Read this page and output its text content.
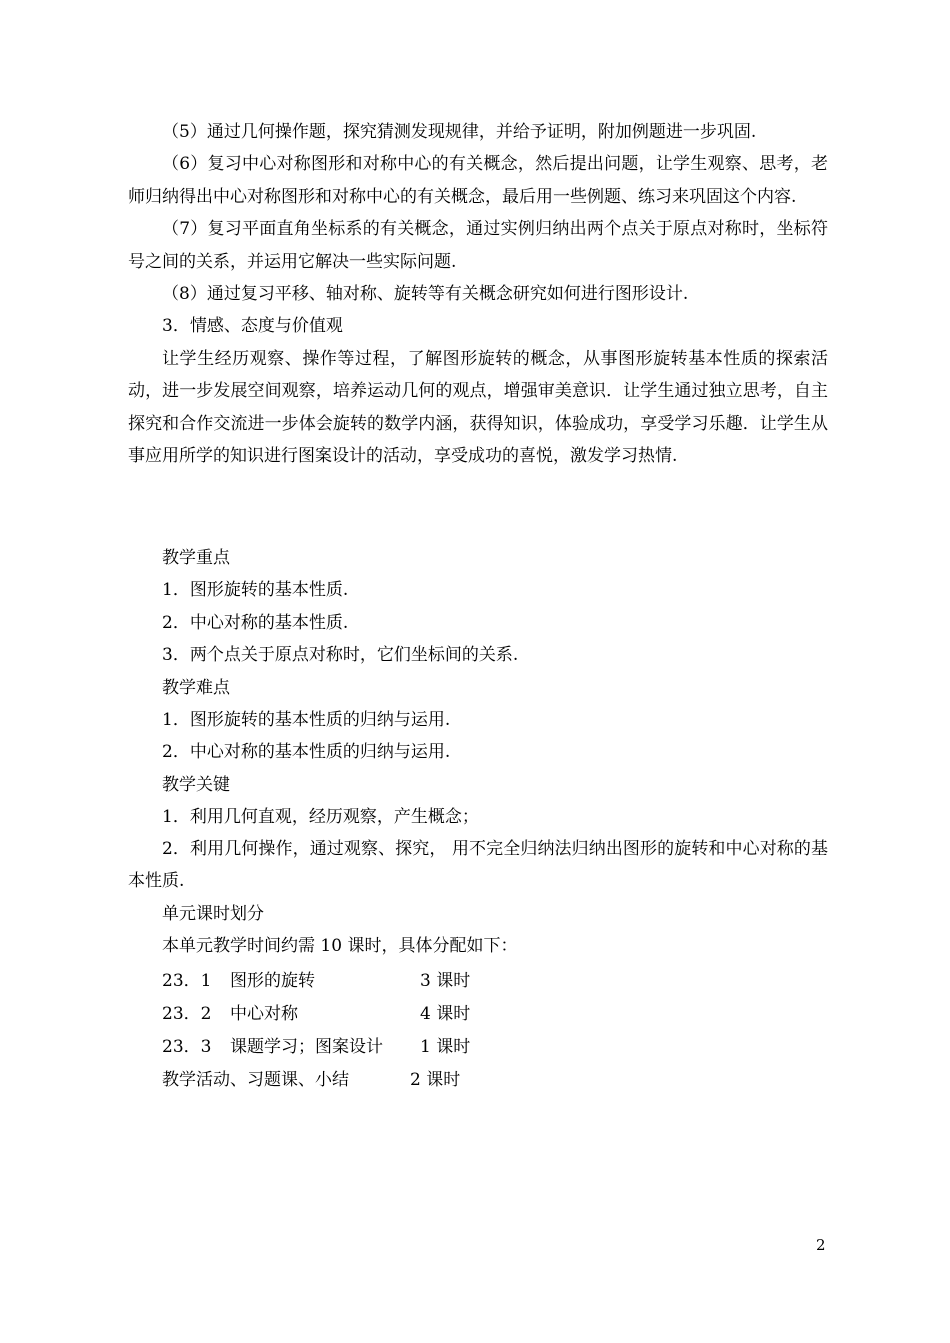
（5）通过几何操作题，探究猜测发现规律，并给予证明，附加例题进一步巩固.

（6）复习中心对称图形和对称中心的有关概念，然后提出问题，让学生观察、思考，老师归纳得出中心对称图形和对称中心的有关概念，最后用一些例题、练习来巩固这个内容.

（7）复习平面直角坐标系的有关概念，通过实例归纳出两个点关于原点对称时，坐标符号之间的关系，并运用它解决一些实际问题.

（8）通过复习平移、轴对称、旋转等有关概念研究如何进行图形设计.

3．情感、态度与价值观

让学生经历观察、操作等过程，了解图形旋转的概念，从事图形旋转基本性质的探索活动，进一步发展空间观察，培养运动几何的观点，增强审美意识．让学生通过独立思考，自主探究和合作交流进一步体会旋转的数学内涵，获得知识，体验成功，享受学习乐趣．让学生从事应用所学的知识进行图案设计的活动，享受成功的喜悦，激发学习热情.

教学重点
1．图形旋转的基本性质.
2．中心对称的基本性质.
3．两个点关于原点对称时，它们坐标间的关系.
教学难点
1．图形旋转的基本性质的归纳与运用.
2．中心对称的基本性质的归纳与运用.
教学关键
1．利用几何直观，经历观察，产生概念；

2．利用几何操作，通过观察、探究， 用不完全归纳法归纳出图形的旋转和中心对称的基本性质.

单元课时划分
本单元教学时间约需 10 课时，具体分配如下：
23．1 图形的旋转	3 课时
23．2 中心对称	4 课时
23．3 课题学习；图案设计 1 课时
教学活动、习题课、小结	2 课时
2
